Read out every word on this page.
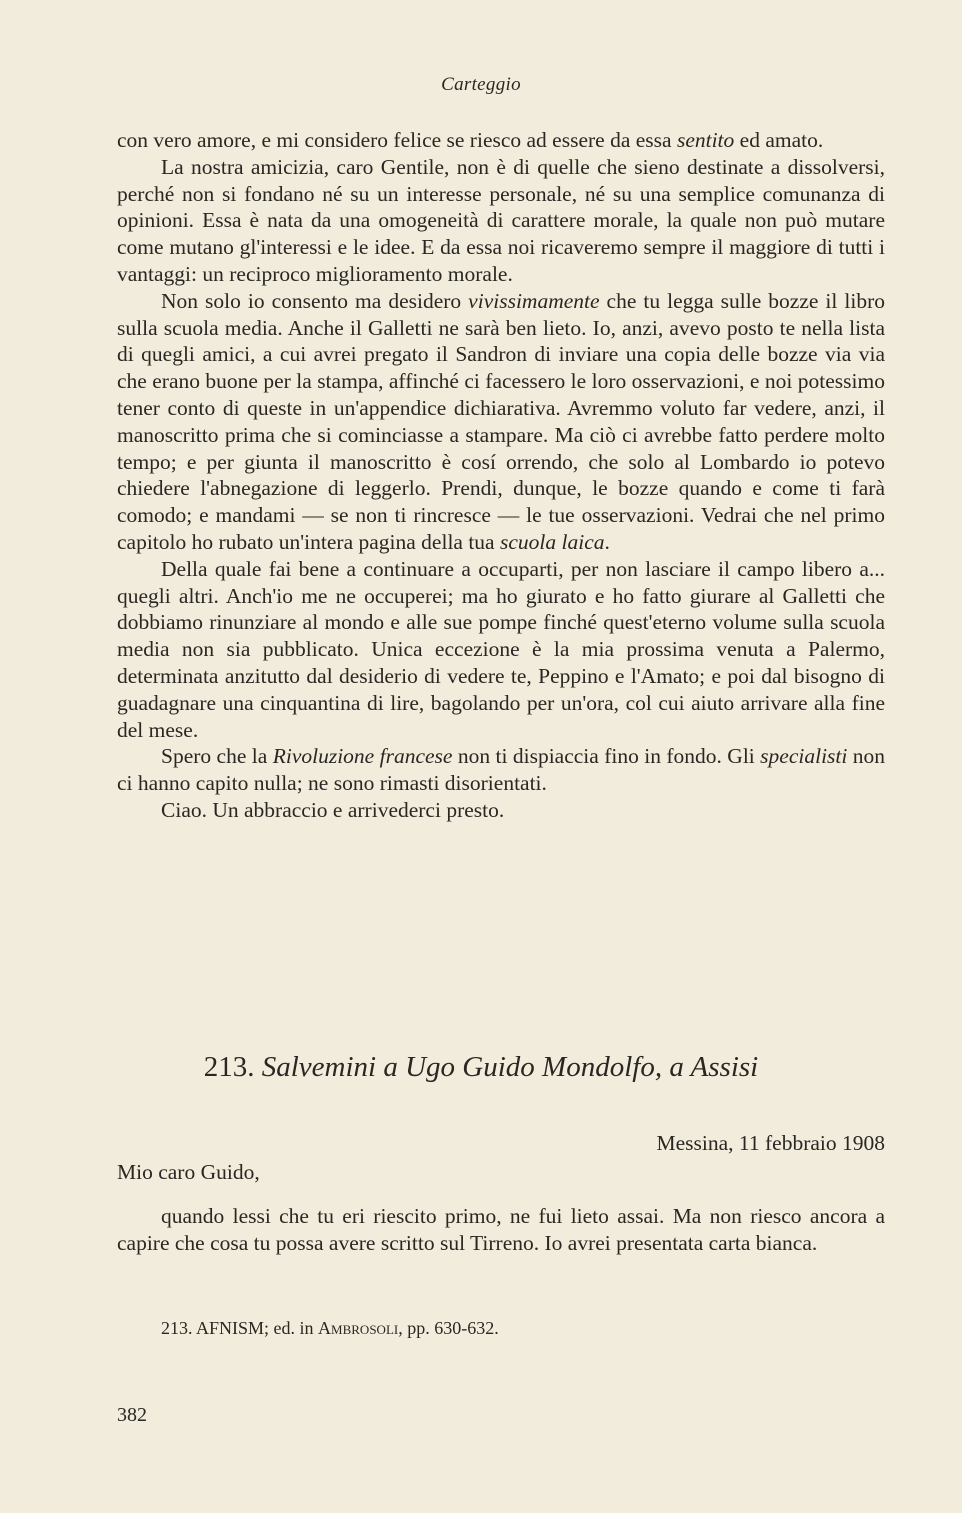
Carteggio

con vero amore, e mi considero felice se riesco ad essere da essa sentito ed amato.

La nostra amicizia, caro Gentile, non è di quelle che sieno destinate a dissolversi, perché non si fondano né su un interesse personale, né su una semplice comunanza di opinioni. Essa è nata da una omogeneità di carattere morale, la quale non può mutare come mutano gl'interessi e le idee. E da essa noi ricaveremo sempre il maggiore di tutti i vantaggi: un reciproco miglioramento morale.

Non solo io consento ma desidero vivissimamente che tu legga sulle bozze il libro sulla scuola media. Anche il Galletti ne sarà ben lieto. Io, anzi, avevo posto te nella lista di quegli amici, a cui avrei pregato il Sandron di inviare una copia delle bozze via via che erano buone per la stampa, affinché ci facessero le loro osservazioni, e noi potessimo tener conto di queste in un'appendice dichiarativa. Avremmo voluto far vedere, anzi, il manoscritto prima che si cominciasse a stampare. Ma ciò ci avrebbe fatto perdere molto tempo; e per giunta il manoscritto è cosí orrendo, che solo al Lombardo io potevo chiedere l'abnegazione di leggerlo. Prendi, dunque, le bozze quando e come ti farà comodo; e mandami — se non ti rincresce — le tue osservazioni. Vedrai che nel primo capitolo ho rubato un'intera pagina della tua scuola laica.

Della quale fai bene a continuare a occuparti, per non lasciare il campo libero a... quegli altri. Anch'io me ne occuperei; ma ho giurato e ho fatto giurare al Galletti che dobbiamo rinunziare al mondo e alle sue pompe finché quest'eterno volume sulla scuola media non sia pubblicato. Unica eccezione è la mia prossima venuta a Palermo, determinata anzitutto dal desiderio di vedere te, Peppino e l'Amato; e poi dal bisogno di guadagnare una cinquantina di lire, bagolando per un'ora, col cui aiuto arrivare alla fine del mese.

Spero che la Rivoluzione francese non ti dispiaccia fino in fondo. Gli specialisti non ci hanno capito nulla; ne sono rimasti disorientati.

Ciao. Un abbraccio e arrivederci presto.

213. Salvemini a Ugo Guido Mondolfo, a Assisi
Messina, 11 febbraio 1908
Mio caro Guido,

quando lessi che tu eri riescito primo, ne fui lieto assai. Ma non riesco ancora a capire che cosa tu possa avere scritto sul Tirreno. Io avrei presentata carta bianca.

213. AFNISM; ed. in Ambrosoli, pp. 630-632.
382
